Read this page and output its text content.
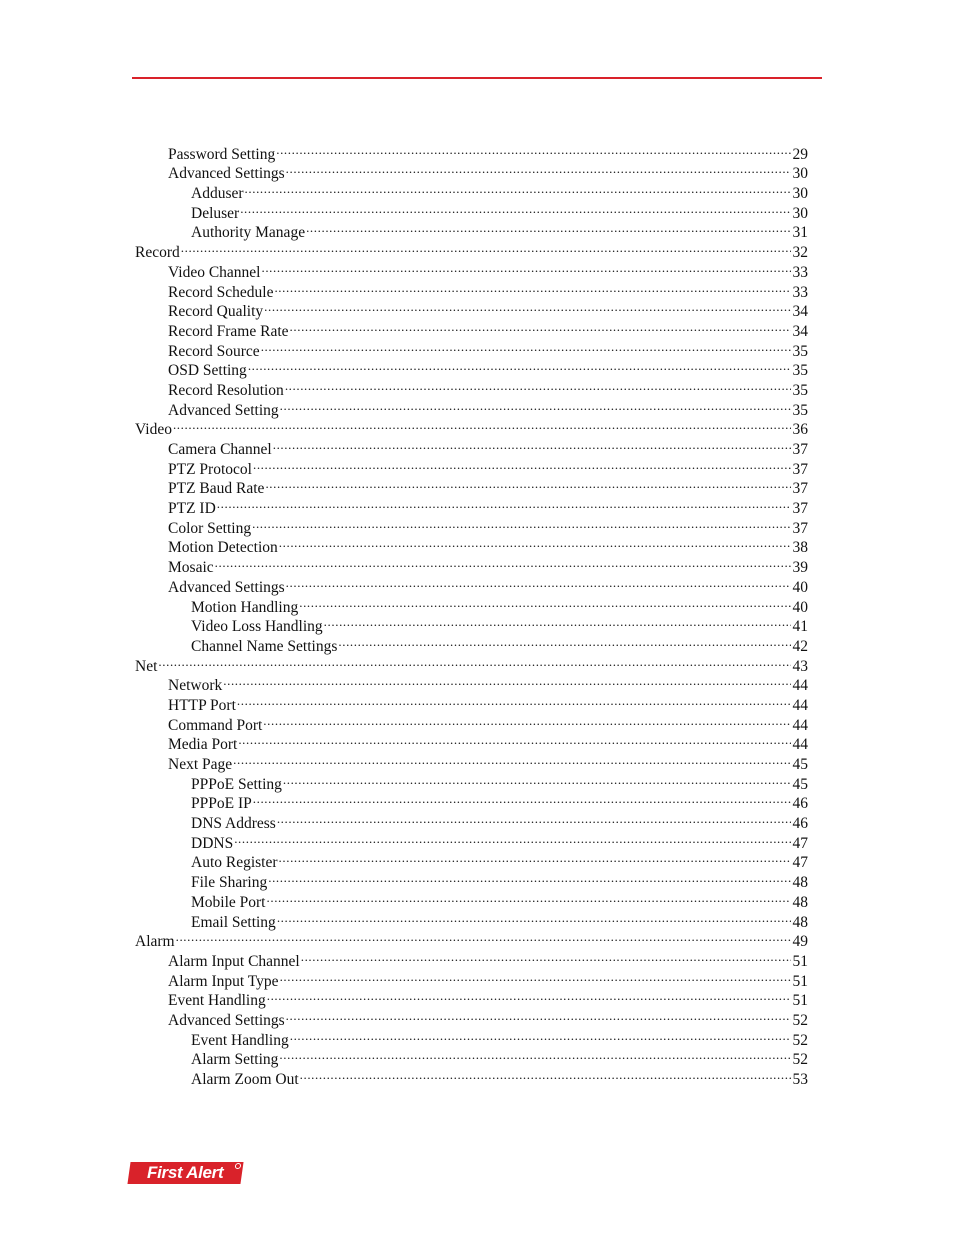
Password Setting .....	29
Advanced Settings .....	30
Adduser .....	30
Deluser .....	30
Authority Manage .....	31
Record .....	32
Video Channel .....	33
Record Schedule .....	33
Record Quality .....	34
Record Frame Rate .....	34
Record Source .....	35
OSD Setting .....	35
Record Resolution .....	35
Advanced Setting .....	35
Video .....	36
Camera Channel .....	37
PTZ Protocol .....	37
PTZ Baud Rate .....	37
PTZ ID .....	37
Color Setting .....	37
Motion Detection .....	38
Mosaic .....	39
Advanced Settings .....	40
Motion Handling .....	40
Video Loss Handling .....	41
Channel Name Settings .....	42
Net .....	43
Network .....	44
HTTP Port .....	44
Command Port .....	44
Media Port .....	44
Next Page .....	45
PPPoE Setting .....	45
PPPoE IP .....	46
DNS Address .....	46
DDNS .....	47
Auto Register .....	47
File Sharing .....	48
Mobile Port .....	48
Email Setting .....	48
Alarm .....	49
Alarm Input Channel .....	51
Alarm Input Type .....	51
Event Handling .....	51
Advanced Settings .....	52
Event Handling .....	52
Alarm Setting .....	52
Alarm Zoom Out .....	53
First Alert
